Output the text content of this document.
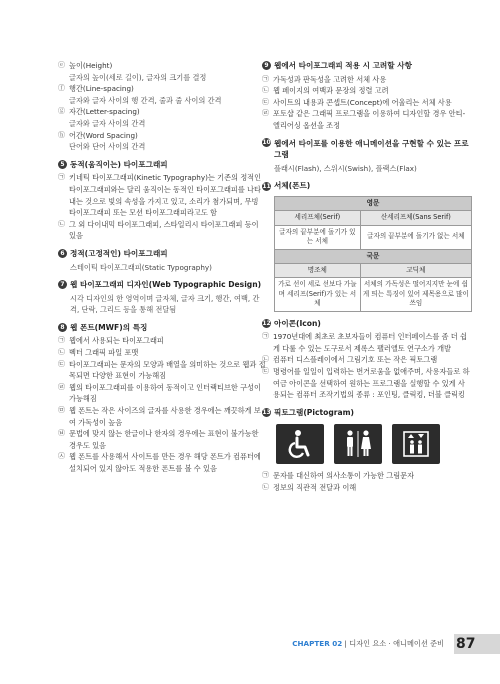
ⓔ 높이(Height)
글자의 높이(세로 길이), 글자의 크기를 결정
ⓕ 행간(Line-spacing)
글자와 글자 사이의 행 간격, 줄과 줄 사이의 간격
ⓖ 자간(Letter-spacing)
글자와 글자 사이의 간격
ⓗ 어간(Word Spacing)
단어와 단어 사이의 간격
5 동적(움직이는) 타이포그래피
㉠ 키네틱 타이포그래피(Kinetic Typography)는 기존의 정적인 타이포그래피와는 달리 움직이는 동적인 타이포그래피를 나타내는 것으로 빛의 속성을 가지고 있고, 소리가 첨가되며, 무빙 타이포그래피 또는 모션 타이포그래피라고도 함
㉡ 그 외 다이내믹 타이포그래피, 스타일리시 타이포그래피 등이 있음
6 정적(고정적인) 타이포그래피
스테이틱 타이포그래피(Static Typography)
7 웹 타이포그래피 디자인(Web Typographic Design)
시각 디자인의 한 영역이며 글자체, 글자 크기, 행간, 여백, 간격, 단락, 그리드 등을 통해 전달됨
8 웹 폰트(MWF)의 특징
㉠ 웹에서 사용되는 타이포그래피
㉡ 벡터 그래픽 파일 포맷
㉢ 타이포그래피는 문자의 모양과 배열을 의미하는 것으로 웹과 접목되면 다양한 표현이 가능해짐
㉣ 웹의 타이포그래피를 이용하여 동적이고 인터랙티브한 구성이 가능해짐
㉤ 웹 폰트는 작은 사이즈의 글자를 사용한 경우에는 깨끗하게 보여 가독성이 높음
㉥ 문법에 맞지 않는 한글이나 한자의 경우에는 표현이 불가능한 경우도 있음
㉦ 웹 폰트를 사용해서 사이트를 만든 경우 해당 폰트가 컴퓨터에 설치되어 있지 않아도 적용한 폰트를 볼 수 있음
9 웹에서 타이포그래피 적용 시 고려할 사항
㉠ 가독성과 판독성을 고려한 서체 사용
㉡ 웹 페이지의 여백과 문장의 정렬 고려
㉢ 사이트의 내용과 콘셉트(Concept)에 어울리는 서체 사용
㉣ 포토샵 같은 그래픽 프로그램을 이용하여 디자인할 경우 안티-엘리어싱 옵션을 조정
10 웹에서 타이포를 이용한 애니메이션을 구현할 수 있는 프로그램
플래시(Flash), 스위시(Swish), 플랙스(Flax)
11 서체(폰트)
영문	
세리프체(Serif)	산세리프체(Sans Serif)
글자의 끝부분에 돌기가 있는 서체	글자의 끝부분에 돌기가 없는 서체
국문	
명조체	고딕체
가로 선이 세로 선보다 가늘며 세리프(Serif)가 있는 서체	서체의 가독성은 떨어지지만 눈에 쉽게 띄는 특징이 있어 제목용으로 많이 쓰임
12 아이콘(Icon)
㉠ 1970년대에 최초로 초보자들이 컴퓨터 인터페이스를 좀 더 쉽게 다룰 수 있는 도구로서 제록스 팰러앨토 연구소가 개발
㉡ 컴퓨터 디스플레이에서 그림기호 또는 작은 픽토그램
㉢ 명령어를 일일이 입력하는 번거로움을 없애주며, 사용자들로 하여금 아이콘을 선택하여 원하는 프로그램을 실행할 수 있게 사용되는 컴퓨터 조작기법의 종류 : 포인팅, 클릭킹, 더블 클릭킹
13 픽토그램(Pictogram)
㉠ 문자를 대신하여 의사소통이 가능한 그림문자
㉡ 정보의 직관적 전달과 이해
CHAPTER 02 | 디자인 요소 · 애니메이션 준비 87
